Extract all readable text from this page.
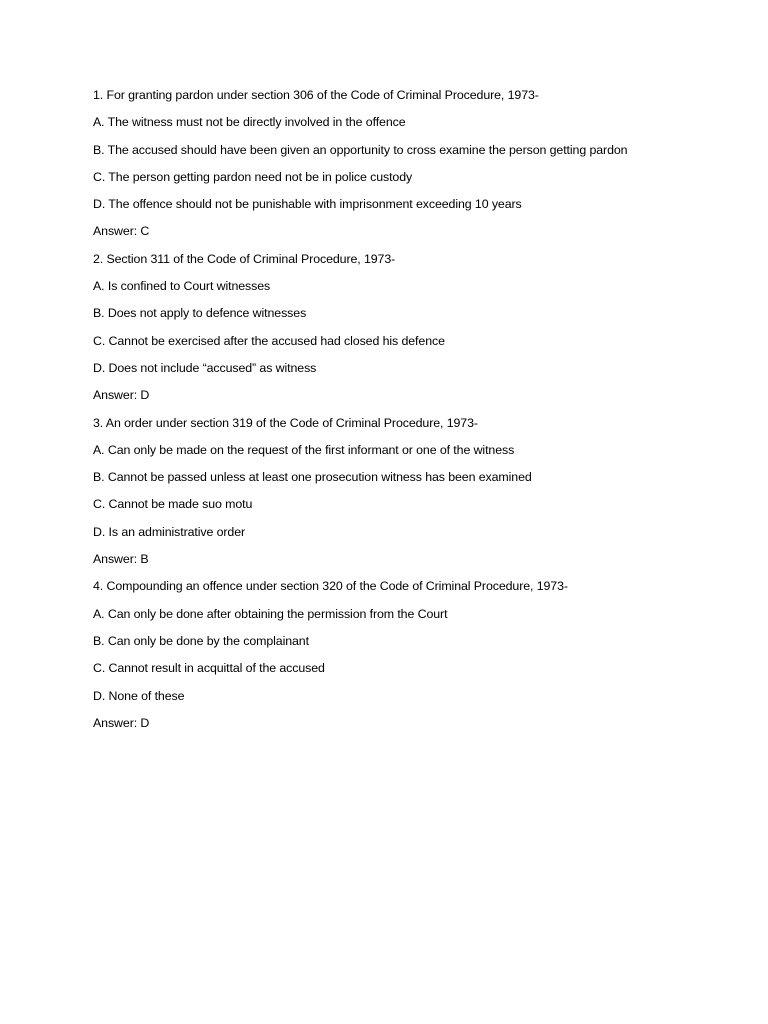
1. For granting pardon under section 306 of the Code of Criminal Procedure, 1973-
A. The witness must not be directly involved in the offence
B. The accused should have been given an opportunity to cross examine the person getting pardon
C. The person getting pardon need not be in police custody
D. The offence should not be punishable with imprisonment exceeding 10 years
Answer: C
2. Section 311 of the Code of Criminal Procedure, 1973-
A. Is confined to Court witnesses
B. Does not apply to defence witnesses
C. Cannot be exercised after the accused had closed his defence
D. Does not include “accused” as witness
Answer: D
3. An order under section 319 of the Code of Criminal Procedure, 1973-
A. Can only be made on the request of the first informant or one of the witness
B. Cannot be passed unless at least one prosecution witness has been examined
C. Cannot be made suo motu
D. Is an administrative order
Answer: B
4. Compounding an offence under section 320 of the Code of Criminal Procedure, 1973-
A. Can only be done after obtaining the permission from the Court
B. Can only be done by the complainant
C. Cannot result in acquittal of the accused
D. None of these
Answer: D
